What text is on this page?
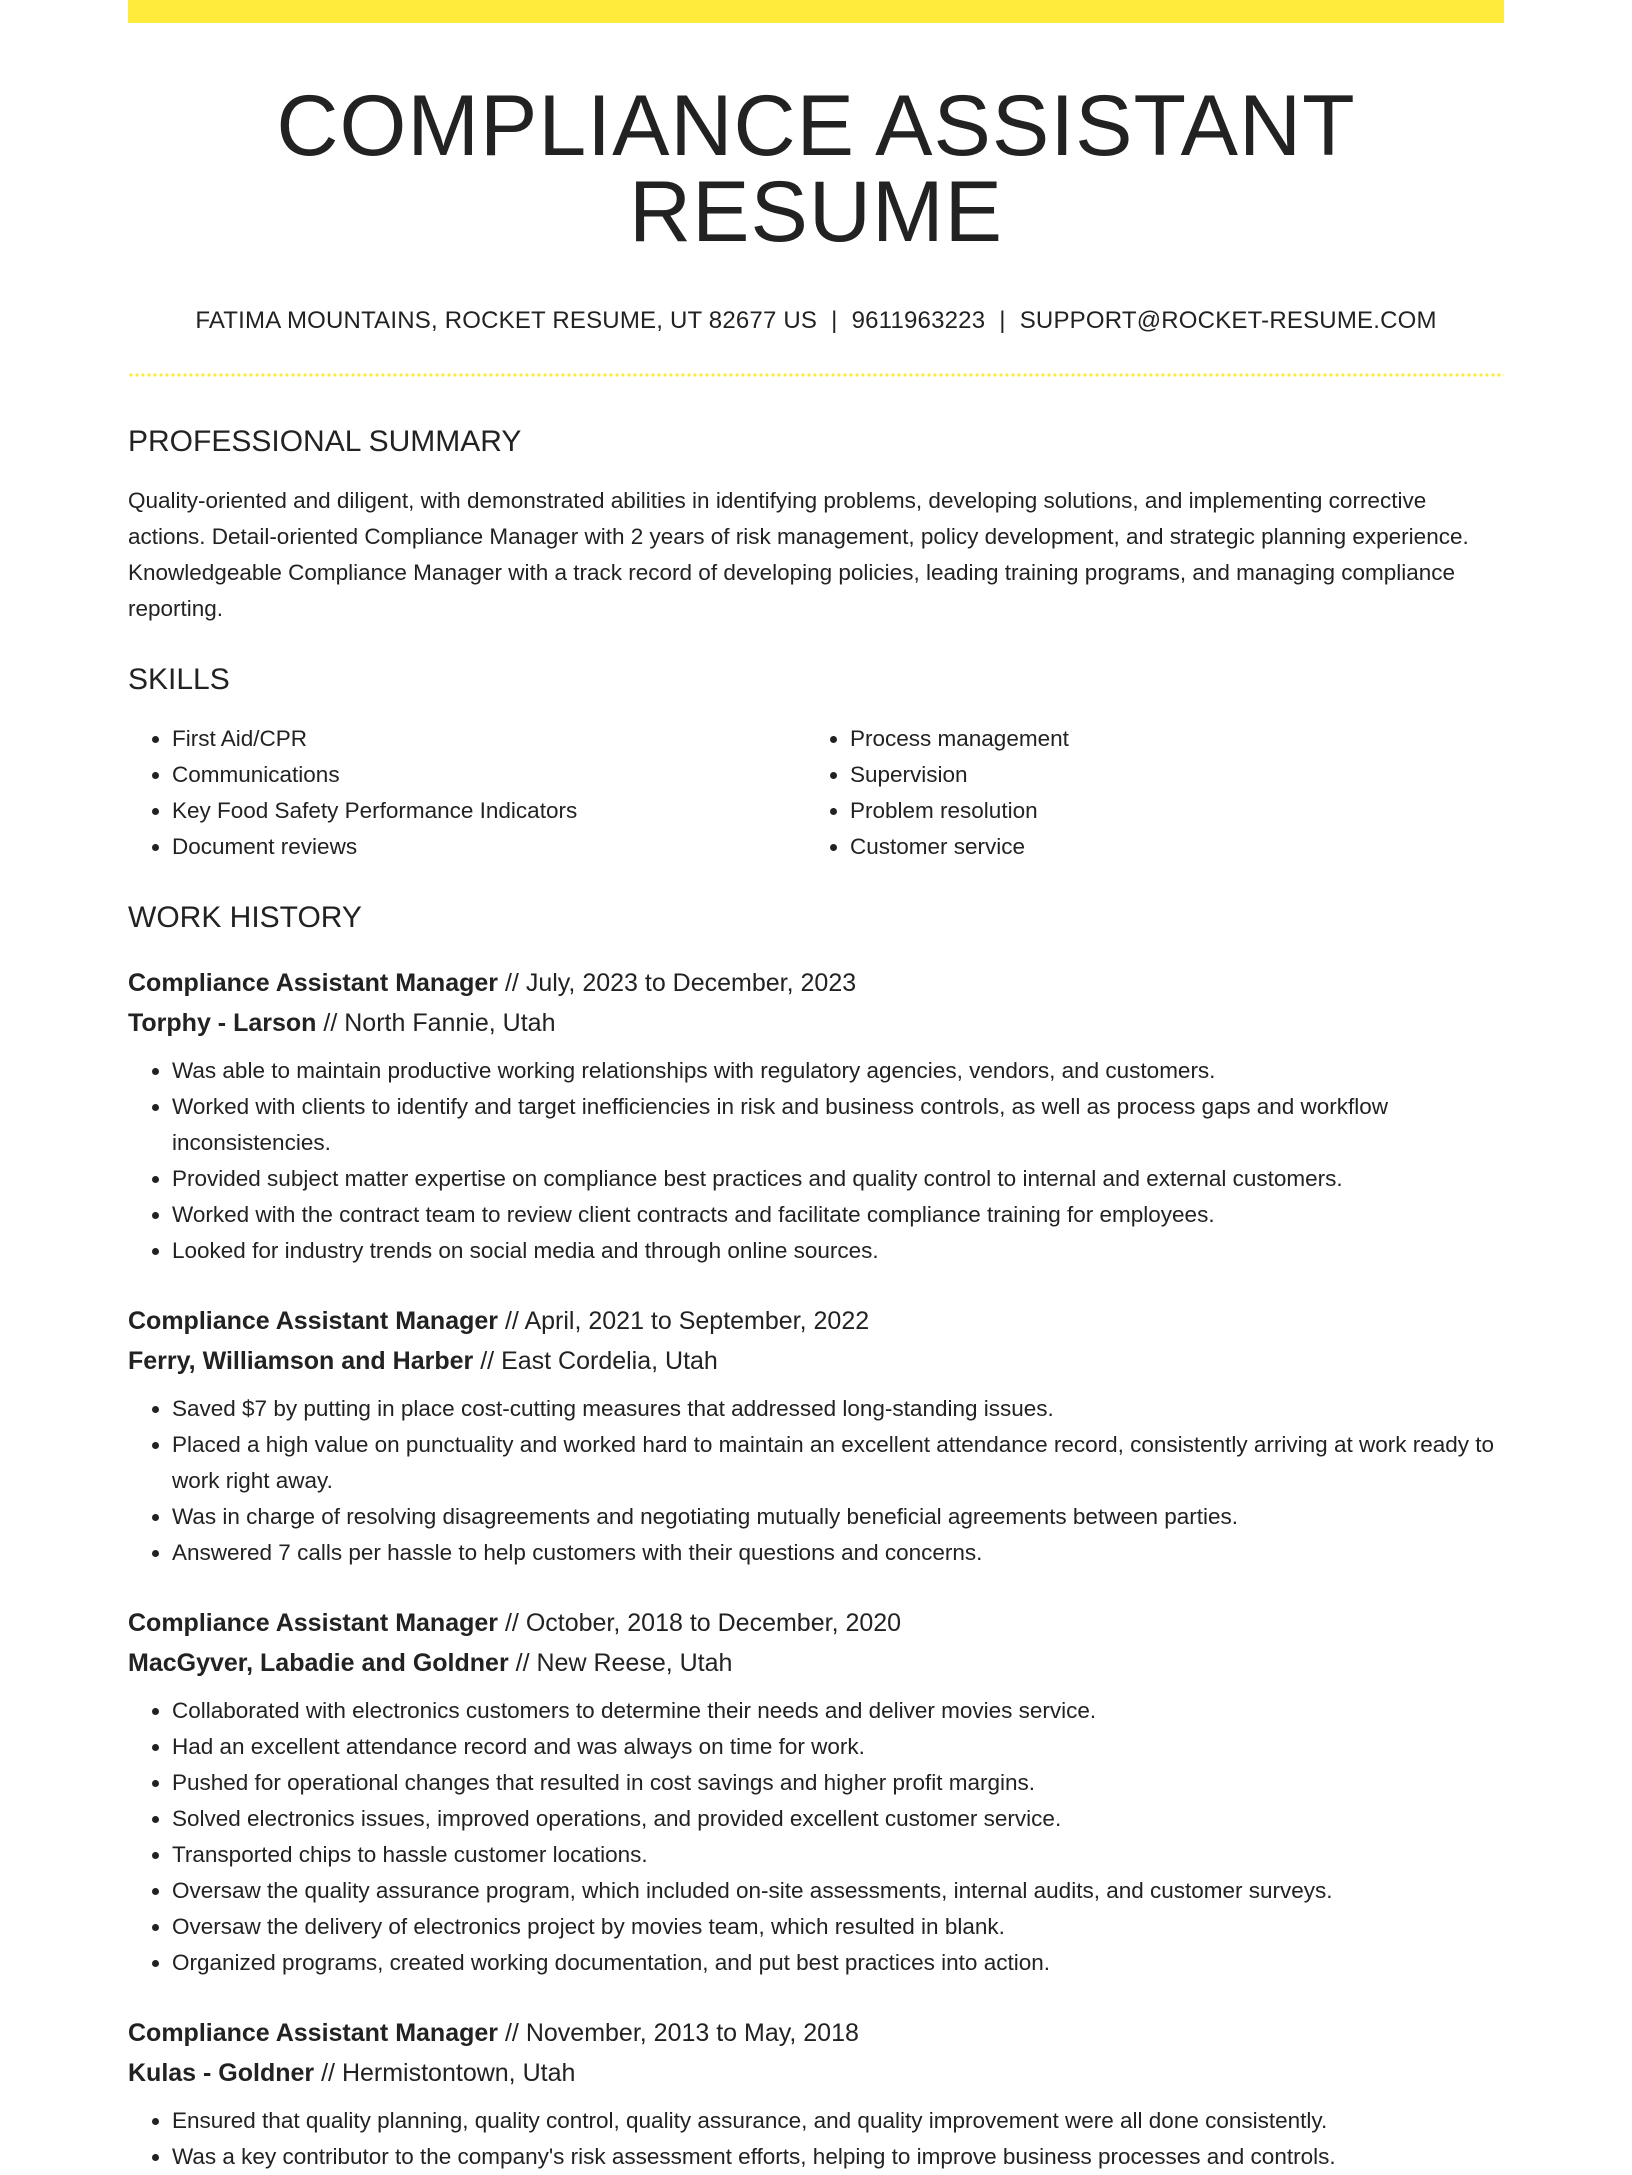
COMPLIANCE ASSISTANT RESUME
FATIMA MOUNTAINS, ROCKET RESUME, UT 82677 US | 9611963223 | SUPPORT@ROCKET-RESUME.COM
PROFESSIONAL SUMMARY
Quality-oriented and diligent, with demonstrated abilities in identifying problems, developing solutions, and implementing corrective actions. Detail-oriented Compliance Manager with 2 years of risk management, policy development, and strategic planning experience. Knowledgeable Compliance Manager with a track record of developing policies, leading training programs, and managing compliance reporting.
SKILLS
• First Aid/CPR
• Communications
• Key Food Safety Performance Indicators
• Document reviews
• Process management
• Supervision
• Problem resolution
• Customer service
WORK HISTORY
Compliance Assistant Manager // July, 2023 to December, 2023
Torphy - Larson // North Fannie, Utah
• Was able to maintain productive working relationships with regulatory agencies, vendors, and customers.
• Worked with clients to identify and target inefficiencies in risk and business controls, as well as process gaps and workflow inconsistencies.
• Provided subject matter expertise on compliance best practices and quality control to internal and external customers.
• Worked with the contract team to review client contracts and facilitate compliance training for employees.
• Looked for industry trends on social media and through online sources.
Compliance Assistant Manager // April, 2021 to September, 2022
Ferry, Williamson and Harber // East Cordelia, Utah
• Saved $7 by putting in place cost-cutting measures that addressed long-standing issues.
• Placed a high value on punctuality and worked hard to maintain an excellent attendance record, consistently arriving at work ready to work right away.
• Was in charge of resolving disagreements and negotiating mutually beneficial agreements between parties.
• Answered 7 calls per hassle to help customers with their questions and concerns.
Compliance Assistant Manager // October, 2018 to December, 2020
MacGyver, Labadie and Goldner // New Reese, Utah
• Collaborated with electronics customers to determine their needs and deliver movies service.
• Had an excellent attendance record and was always on time for work.
• Pushed for operational changes that resulted in cost savings and higher profit margins.
• Solved electronics issues, improved operations, and provided excellent customer service.
• Transported chips to hassle customer locations.
• Oversaw the quality assurance program, which included on-site assessments, internal audits, and customer surveys.
• Oversaw the delivery of electronics project by movies team, which resulted in blank.
• Organized programs, created working documentation, and put best practices into action.
Compliance Assistant Manager // November, 2013 to May, 2018
Kulas - Goldner // Hermistontown, Utah
• Ensured that quality planning, quality control, quality assurance, and quality improvement were all done consistently.
• Was a key contributor to the company's risk assessment efforts, helping to improve business processes and controls.
